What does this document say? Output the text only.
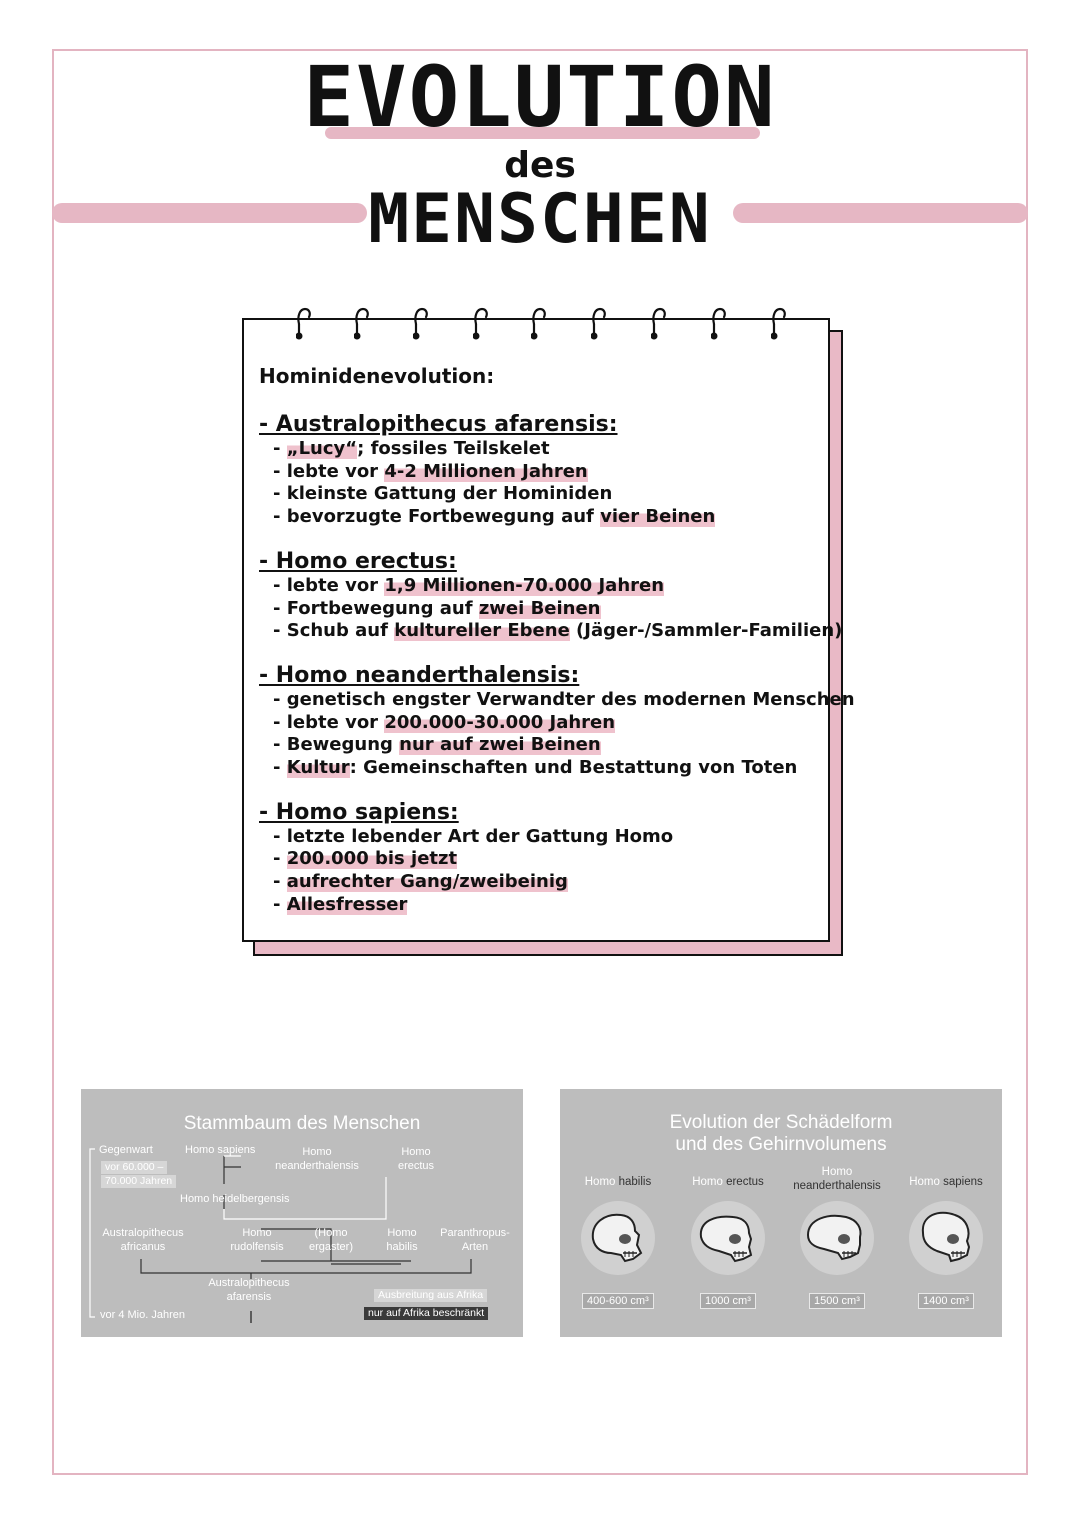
EVOLUTION
des
MENSCHEN
Hominidenevolution:
- Australopithecus afarensis:
- „Lucy“; fossiles Teilskelet
- lebte vor 4-2 Millionen Jahren
- kleinste Gattung der Hominiden
- bevorzugte Fortbewegung auf vier Beinen
- Homo erectus:
- lebte vor 1,9 Millionen-70.000 Jahren
- Fortbewegung auf zwei Beinen
- Schub auf kultureller Ebene (Jäger-/Sammler-Familien)
- Homo neanderthalensis:
- genetisch engster Verwandter des modernen Menschen
- lebte vor 200.000-30.000 Jahren
- Bewegung nur auf zwei Beinen
- Kultur: Gemeinschaften und Bestattung von Toten
- Homo sapiens:
- letzte lebender Art der Gattung Homo
- 200.000 bis jetzt
- aufrechter Gang/zweibeinig
- Allesfresser
Stammbaum des Menschen
Gegenwart
vor 60.000 –
70.000 Jahren
Homo sapiens	Homo
neanderthalensis
Homo
erectus
Homo heidelbergensis
Australopithecus
africanus
Homo
rudolfensis
(Homo
ergaster)
Homo
habilis
Paranthropus-
Arten
Australopithecus
afarensis
vor 4 Mio. Jahren
Ausbreitung aus Afrika
nur auf Afrika beschränkt
Evolution der Schädelform
und des Gehirnvolumens
Homo habilis
400-600 cm³
Homo erectus
1000 cm³
Homo
neanderthalensis
1500 cm³
Homo sapiens
1400 cm³
